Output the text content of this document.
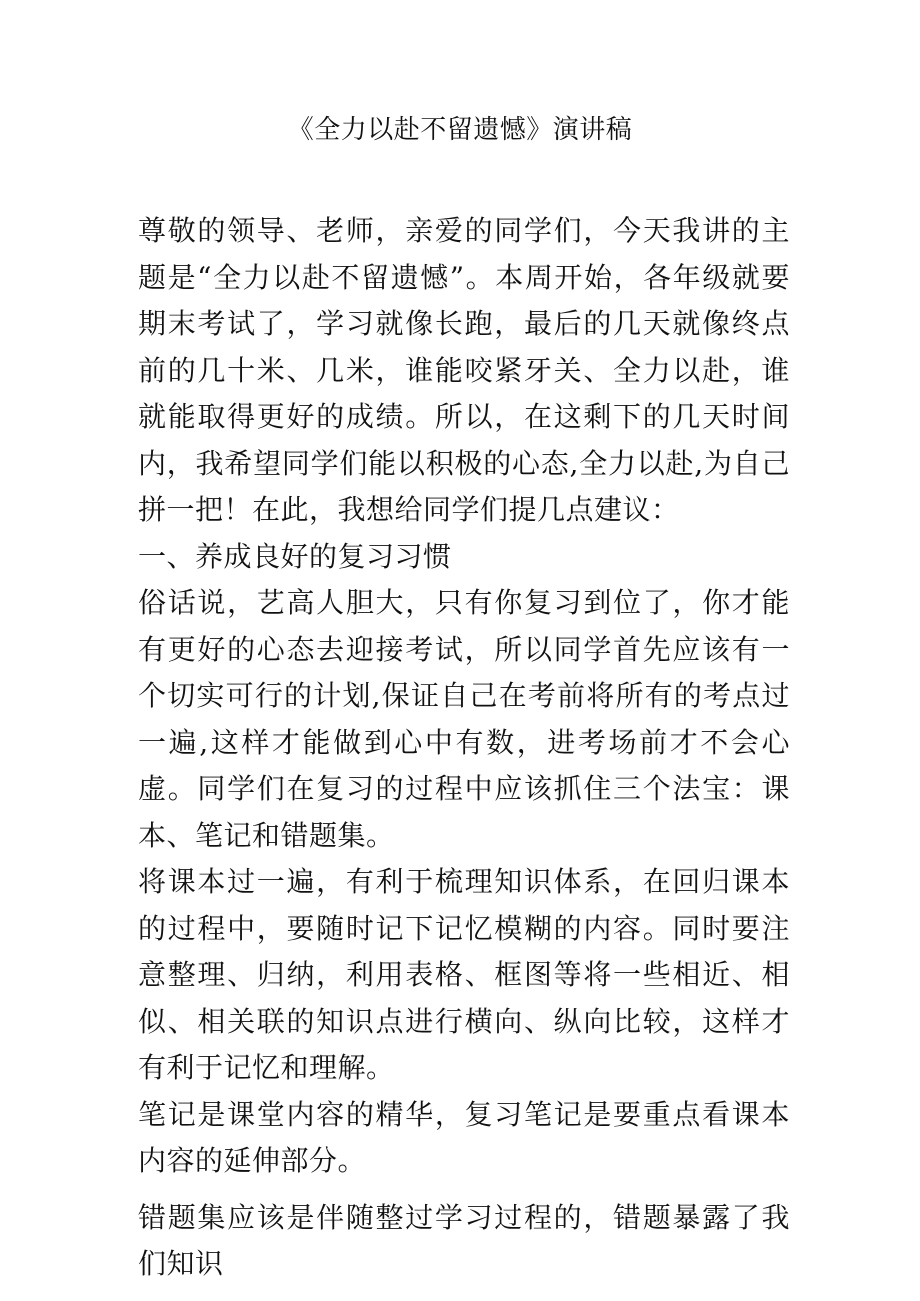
《全力以赴不留遗憾》演讲稿

尊敬的领导、老师，亲爱的同学们，今天我讲的主题是“全力以赴不留遗憾”。本周开始，各年级就要期末考试了，学习就像长跑，最后的几天就像终点前的几十米、几米，谁能咬紧牙关、全力以赴，谁就能取得更好的成绩。所以，在这剩下的几天时间内，我希望同学们能以积极的心态,全力以赴,为自己拼一把！在此，我想给同学们提几点建议：

一、养成良好的复习习惯

俗话说，艺高人胆大，只有你复习到位了，你才能有更好的心态去迎接考试，所以同学首先应该有一个切实可行的计划,保证自己在考前将所有的考点过一遍,这样才能做到心中有数，进考场前才不会心虚。同学们在复习的过程中应该抓住三个法宝：课本、笔记和错题集。

将课本过一遍，有利于梳理知识体系，在回归课本的过程中，要随时记下记忆模糊的内容。同时要注意整理、归纳，利用表格、框图等将一些相近、相似、相关联的知识点进行横向、纵向比较，这样才有利于记忆和理解。

笔记是课堂内容的精华，复习笔记是要重点看课本内容的延伸部分。

错题集应该是伴随整过学习过程的，错题暴露了我们知识
